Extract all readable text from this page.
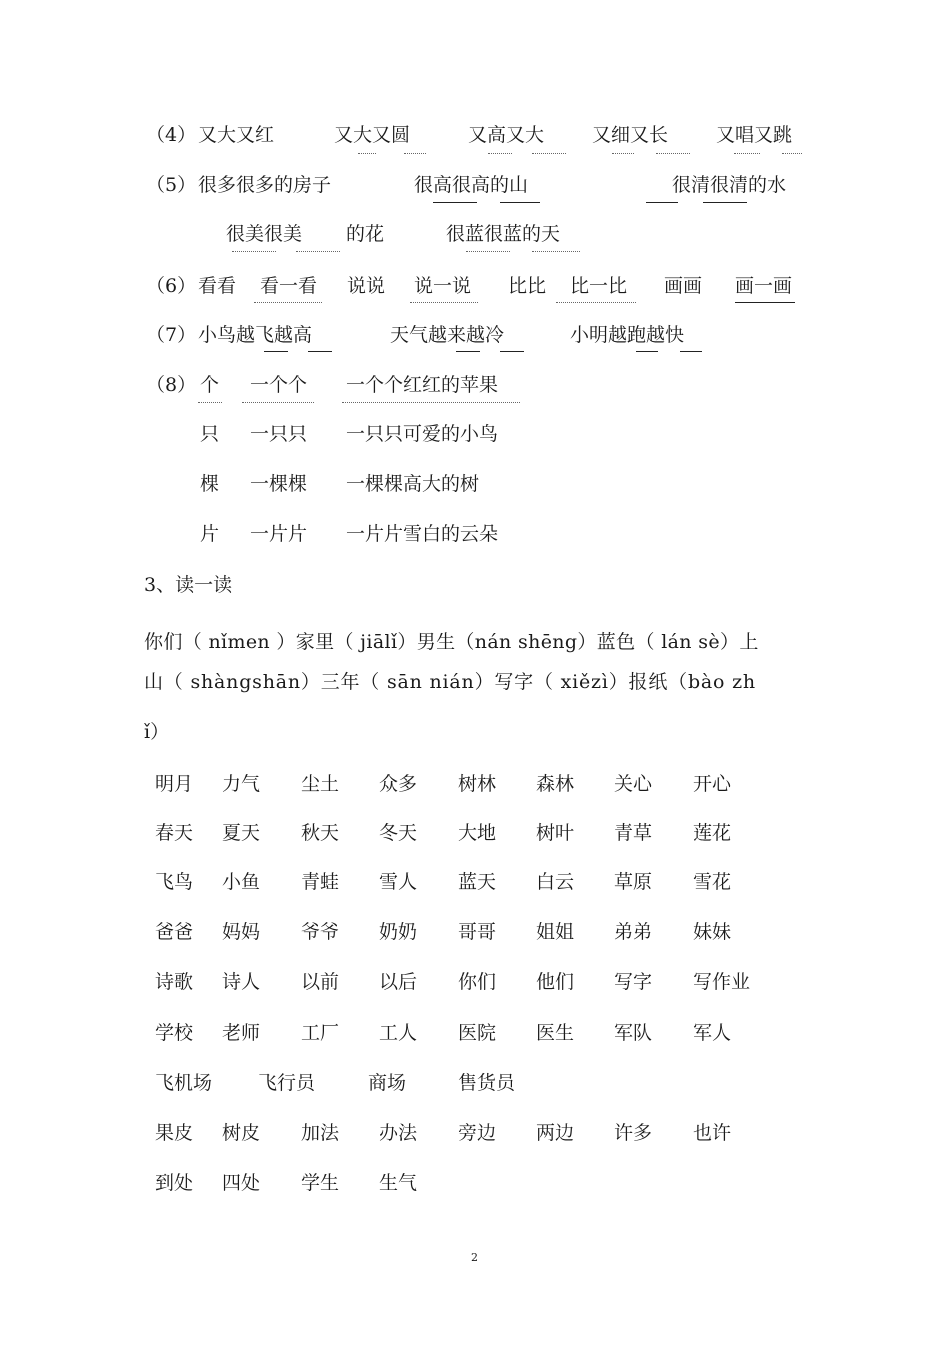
（4） 又大又红	又大又圆	又高又大	又细又长	又唱又跳
（5） 很多很多的房子	很高很高的山	很清很清的水
很美很美 的花	很蓝很蓝的天
（6） 看看 看一看 说说 说一说 比比 比一比 画画 画一画
（7） 小鸟越飞越高	天气越来越冷	小明越跑越快
（8） 个 一个个 一个个红红的苹果
只 一只只 一只只可爱的小鸟
棵 一棵棵 一棵棵高大的树
片 一片片 一片片雪白的云朵
3、读一读
你们（ nǐmen ）家里（ jiālǐ）男生（nán shēng）蓝色（ lán sè）上
山（ shàngshān）三年（ sān nián）写字（ xiězì）报纸（bào zh
ǐ）
明月 力气 尘土 众多 树林 森林 关心 开心
春天 夏天 秋天 冬天 大地 树叶 青草 莲花
飞鸟 小鱼 青蛙 雪人 蓝天 白云 草原 雪花
爸爸 妈妈 爷爷 奶奶 哥哥 姐姐 弟弟 妹妹
诗歌 诗人 以前 以后 你们 他们 写字 写作业
学校 老师 工厂 工人 医院 医生 军队 军人
飞机场 飞行员	商场	售货员
果皮 树皮 加法 办法 旁边 两边 许多 也许
到处 四处 学生 生气
2
